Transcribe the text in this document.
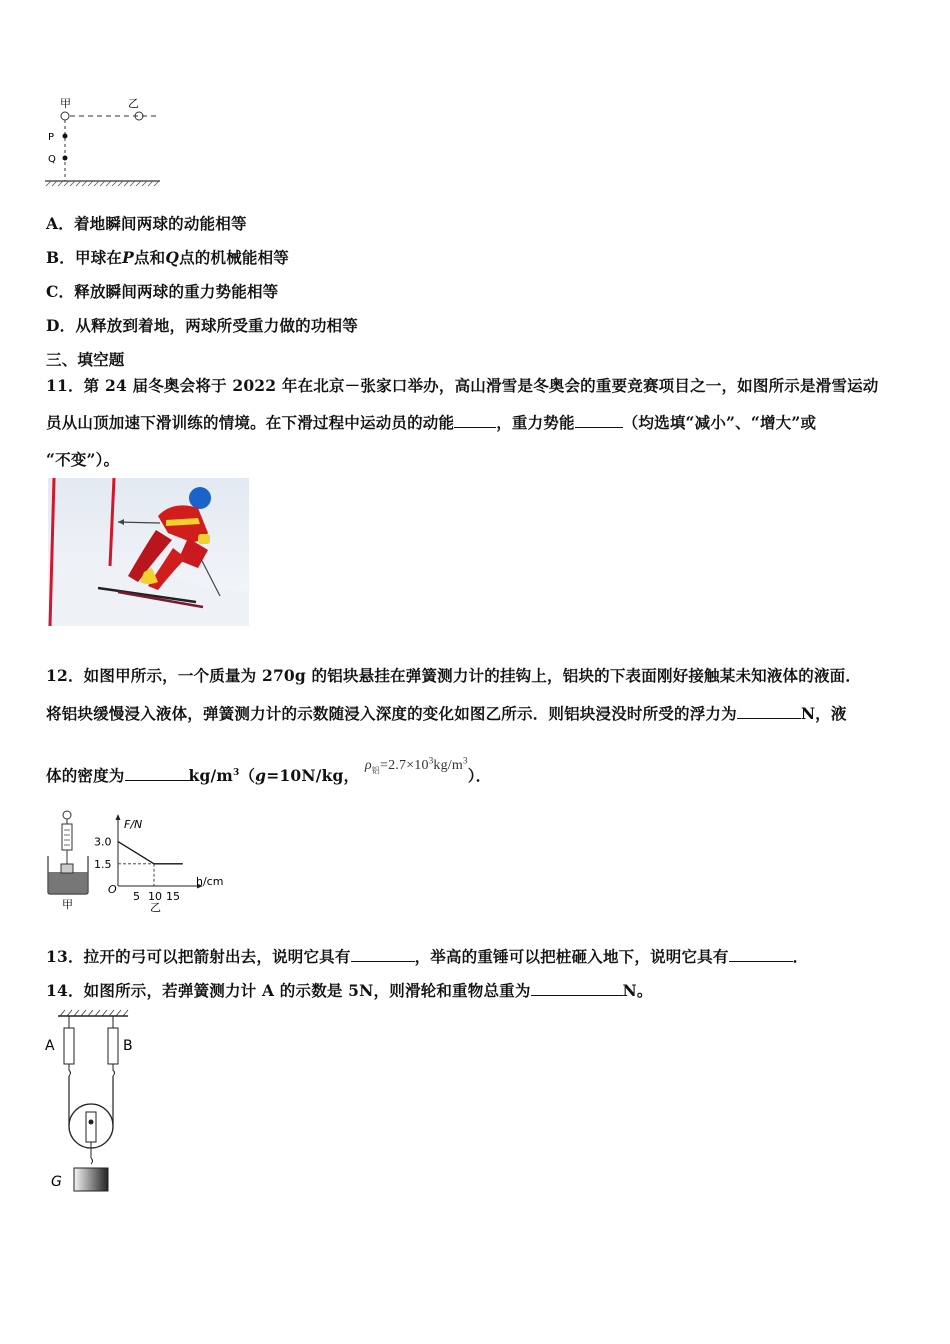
甲	乙
P
Q
A．着地瞬间两球的动能相等
B．甲球在P点和Q点的机械能相等
C．释放瞬间两球的重力势能相等
D．从释放到着地，两球所受重力做的功相等
三、填空题
11．第 24 届冬奥会将于 2022 年在北京－张家口举办，高山滑雪是冬奥会的重要竞赛项目之一，如图所示是滑雪运动
员从山顶加速下滑训练的情境。在下滑过程中运动员的动能	，重力势能	（均选填“减小”、“增大”或
“不变”）。
12．如图甲所示，一个质量为 270g 的铝块悬挂在弹簧测力计的挂钩上，铝块的下表面刚好接触某未知液体的液面．
将铝块缓慢浸入液体，弹簧测力计的示数随浸入深度的变化如图乙所示．则铝块浸没时所受的浮力为	N，液
体的密度为	$kg/m^3(g=10N/kg$， $\rho_铝=2.7\times 10^3kg/m^3$）．
甲
F/N
h/cm
O
乙
3.0
1.5
5 10 15
13．拉开的弓可以把箭射出去，说明它具有	，举高的重锤可以把桩砸入地下，说明它具有	．
14．如图所示，若弹簧测力计 A 的示数是 5N，则滑轮和重物总重为	N。
A	B
G
